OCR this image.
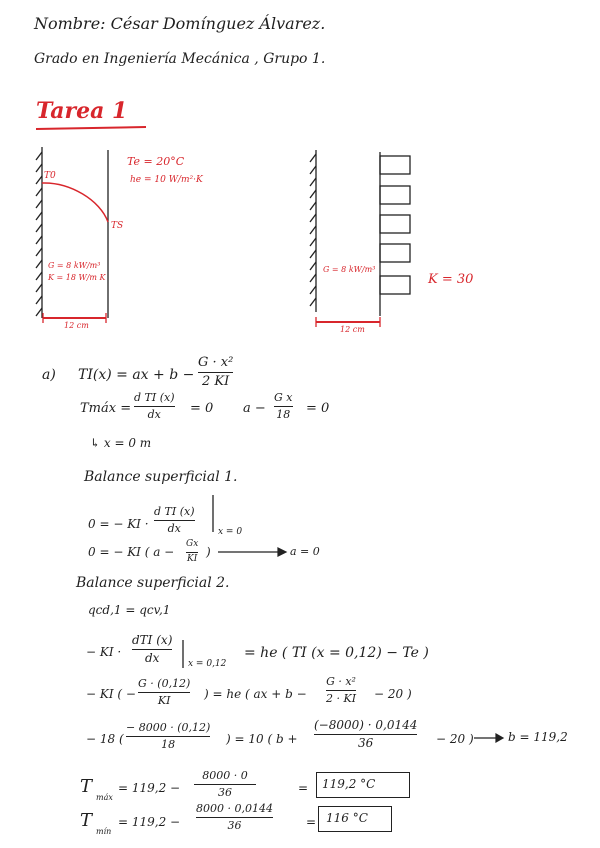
Nombre: César Domínguez Álvarez.
Grado en Ingeniería Mecánica , Grupo 1.
Tarea 1
T0
TS
Te = 20°C
he = 10 W/m²·K
G = 8 kW/m³
K = 18 W/m K
12 cm
G = 8 kW/m³
K = 30
12 cm
a) TI(x) = ax + b −
G · x²
2 KI
Tmáx =
d TI (x)
dx = 0 a −
G x
18 = 0
↳ x = 0 m
Balance superficial 1.
0 = − KI ·
d TI (x)
dx	x = 0
0 = − KI ( a −
Gx
KI )	a = 0
Balance superficial 2.
qcd,1 = qcv,1
− KI ·
dTI (x)
dx	x = 0,12
= he ( TI (x = 0,12) − Te )
− KI ( −
G · (0,12)
KI	) = he ( ax + b −
G · x²
2 · KI − 20 )
− 18 (
− 8000 · (0,12)
18	) = 10 ( b +
(−8000) · 0,0144
36	− 20 )	b = 119,2
T
máx
= 119,2 −
8000 · 0
36	= 119,2 °C
T
mín
= 119,2 −
8000 · 0,0144
36	= 116 °C
